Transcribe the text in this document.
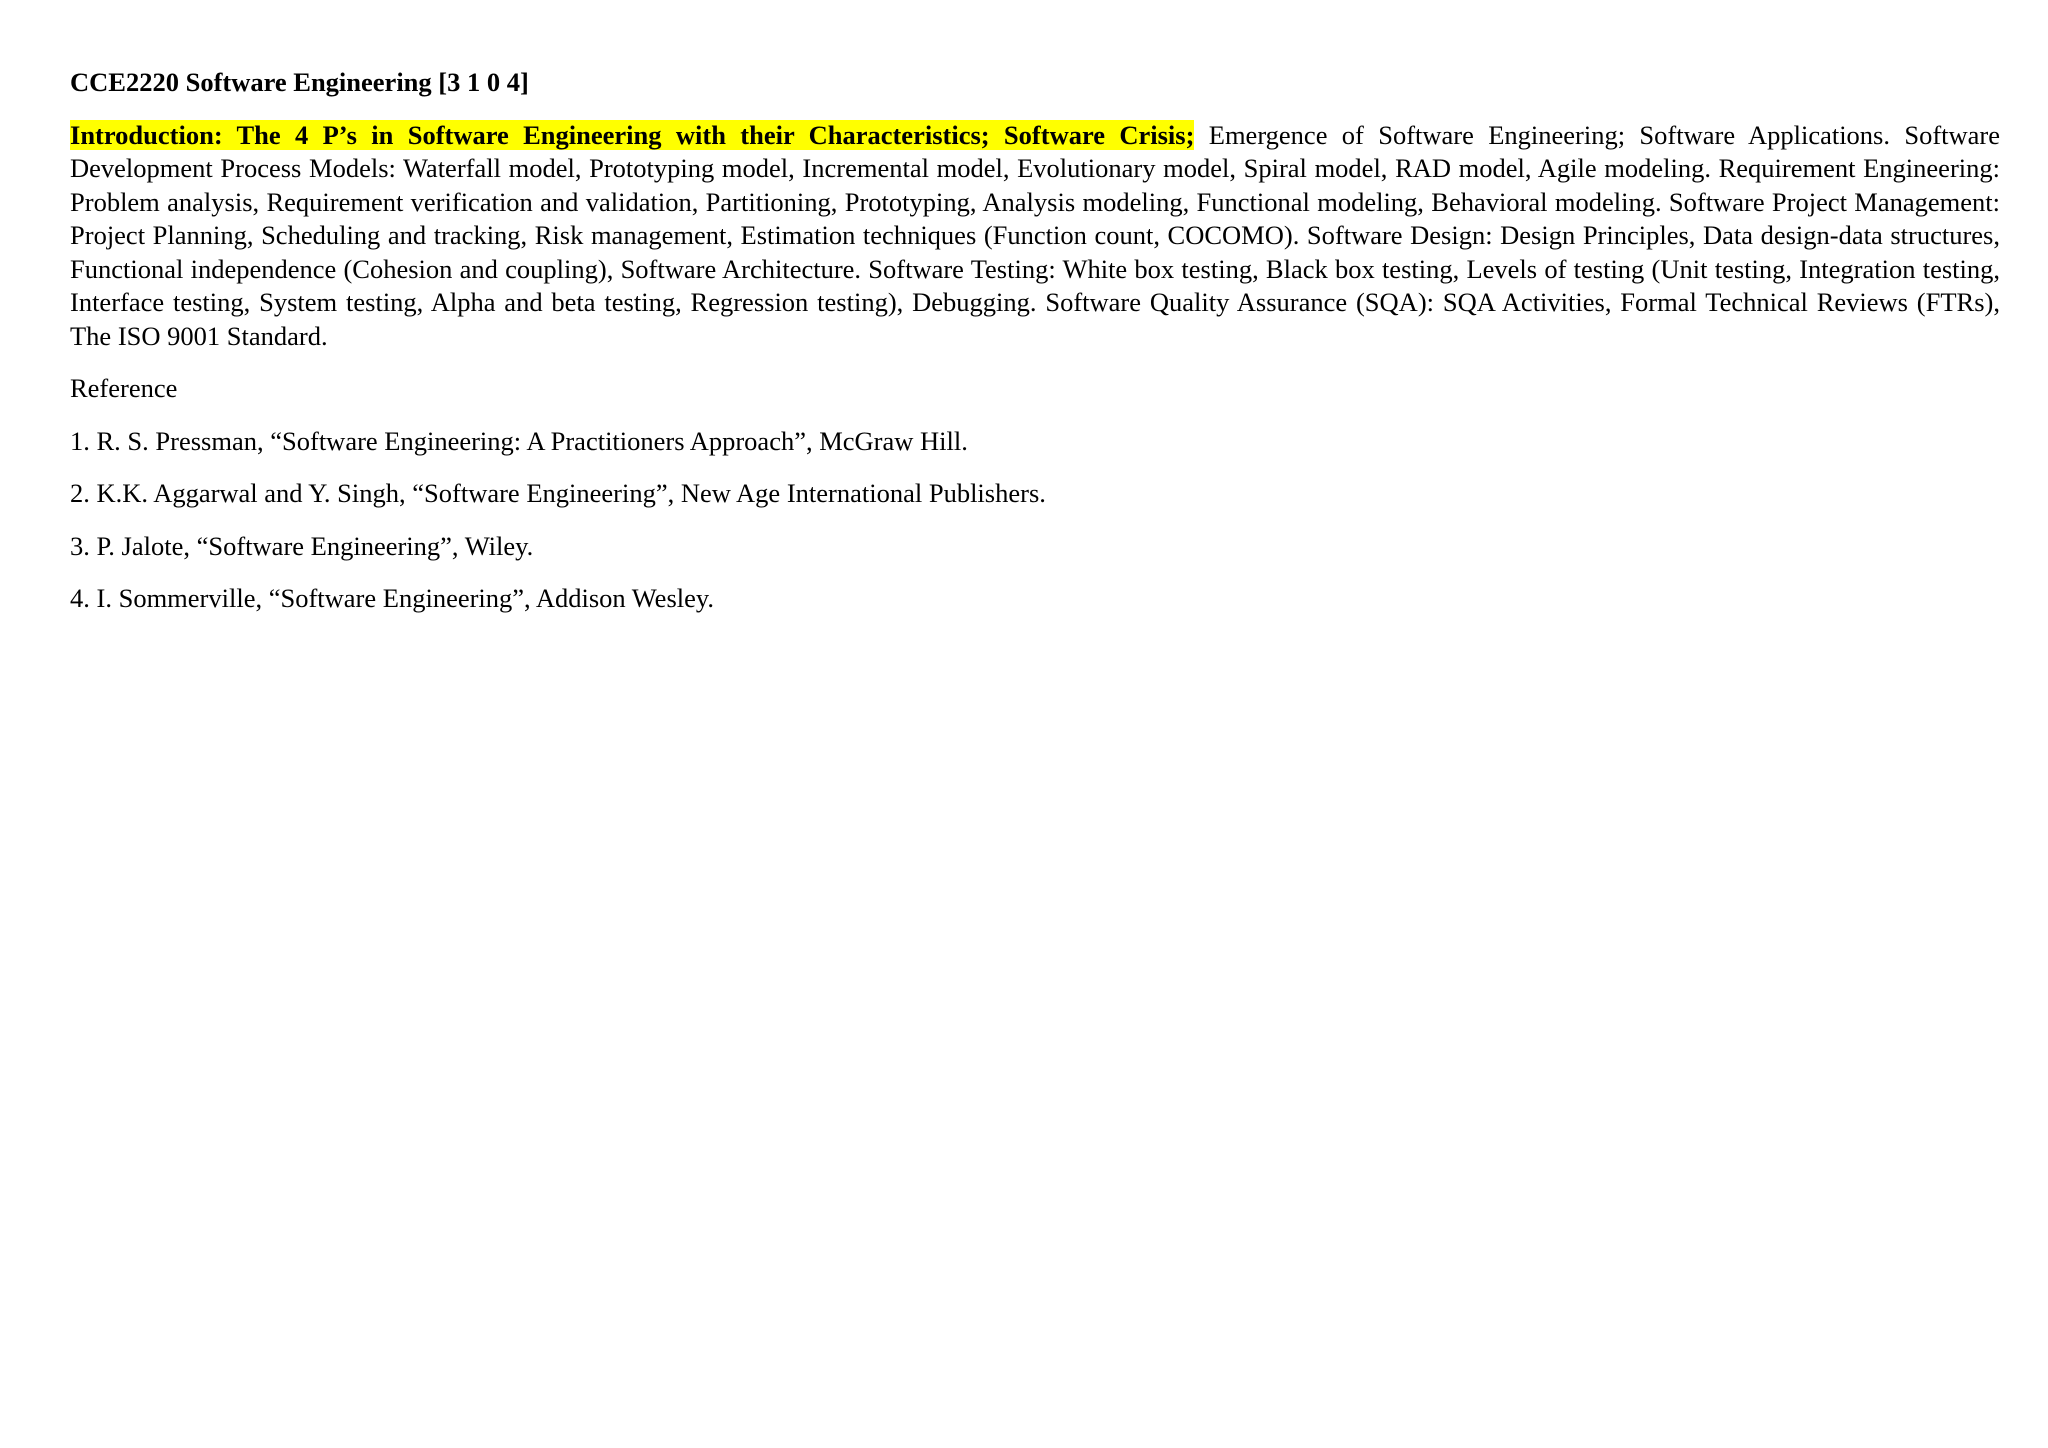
CCE2220 Software Engineering [3 1 0 4]

Introduction: The 4 P’s in Software Engineering with their Characteristics; Software Crisis; Emergence of Software Engineering; Software Applications. Software Development Process Models: Waterfall model, Prototyping model, Incremental model, Evolutionary model, Spiral model, RAD model, Agile modeling. Requirement Engineering: Problem analysis, Requirement verification and validation, Partitioning, Prototyping, Analysis modeling, Functional modeling, Behavioral modeling. Software Project Management: Project Planning, Scheduling and tracking, Risk management, Estimation techniques (Function count, COCOMO). Software Design: Design Principles, Data design-data structures, Functional independence (Cohesion and coupling), Software Architecture. Software Testing: White box testing, Black box testing, Levels of testing (Unit testing, Integration testing, Interface testing, System testing, Alpha and beta testing, Regression testing), Debugging. Software Quality Assurance (SQA): SQA Activities, Formal Technical Reviews (FTRs), The ISO 9001 Standard.

Reference

1. R. S. Pressman, “Software Engineering: A Practitioners Approach”, McGraw Hill.
2. K.K. Aggarwal and Y. Singh, “Software Engineering”, New Age International Publishers.
3. P. Jalote, “Software Engineering”, Wiley.
4. I. Sommerville, “Software Engineering”, Addison Wesley.
